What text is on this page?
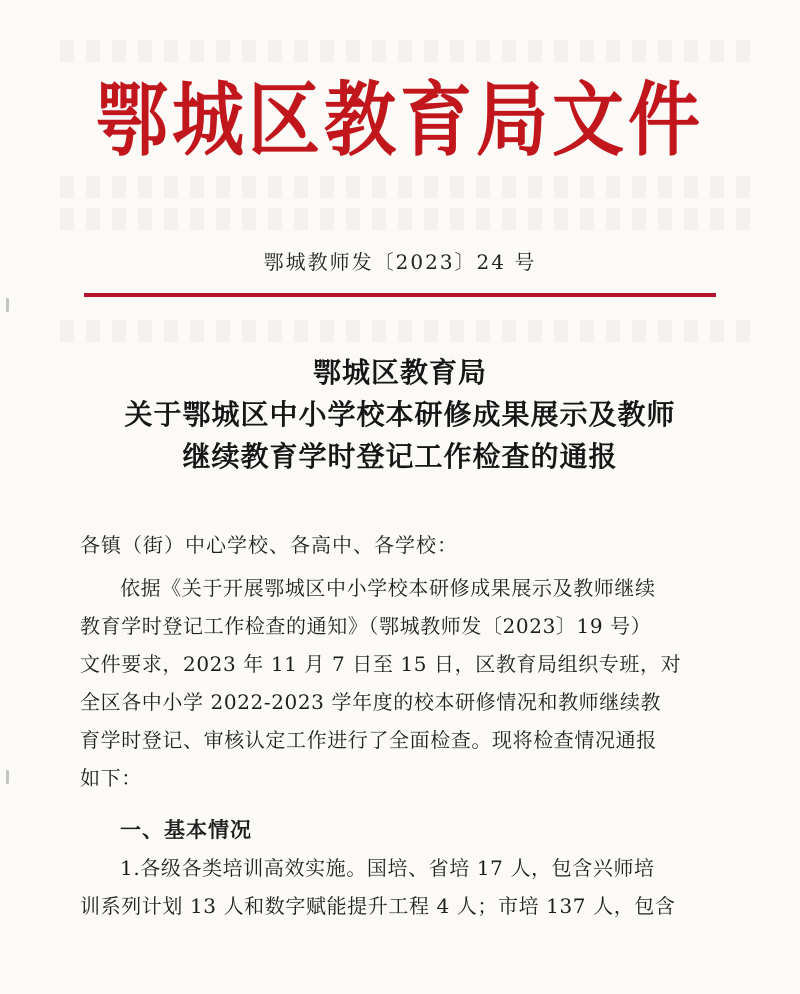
鄂城区教育局文件
鄂城教师发〔2023〕24 号
鄂城区教育局
关于鄂城区中小学校本研修成果展示及教师
继续教育学时登记工作检查的通报
各镇（街）中心学校、各高中、各学校：
依据《关于开展鄂城区中小学校本研修成果展示及教师继续
教育学时登记工作检查的通知》（鄂城教师发〔2023〕19 号）
文件要求，2023 年 11 月 7 日至 15 日，区教育局组织专班，对
全区各中小学 2022-2023 学年度的校本研修情况和教师继续教
育学时登记、审核认定工作进行了全面检查。现将检查情况通报
如下：
一、基本情况
1.各级各类培训高效实施。国培、省培 17 人，包含兴师培
训系列计划 13 人和数字赋能提升工程 4 人；市培 137 人，包含
